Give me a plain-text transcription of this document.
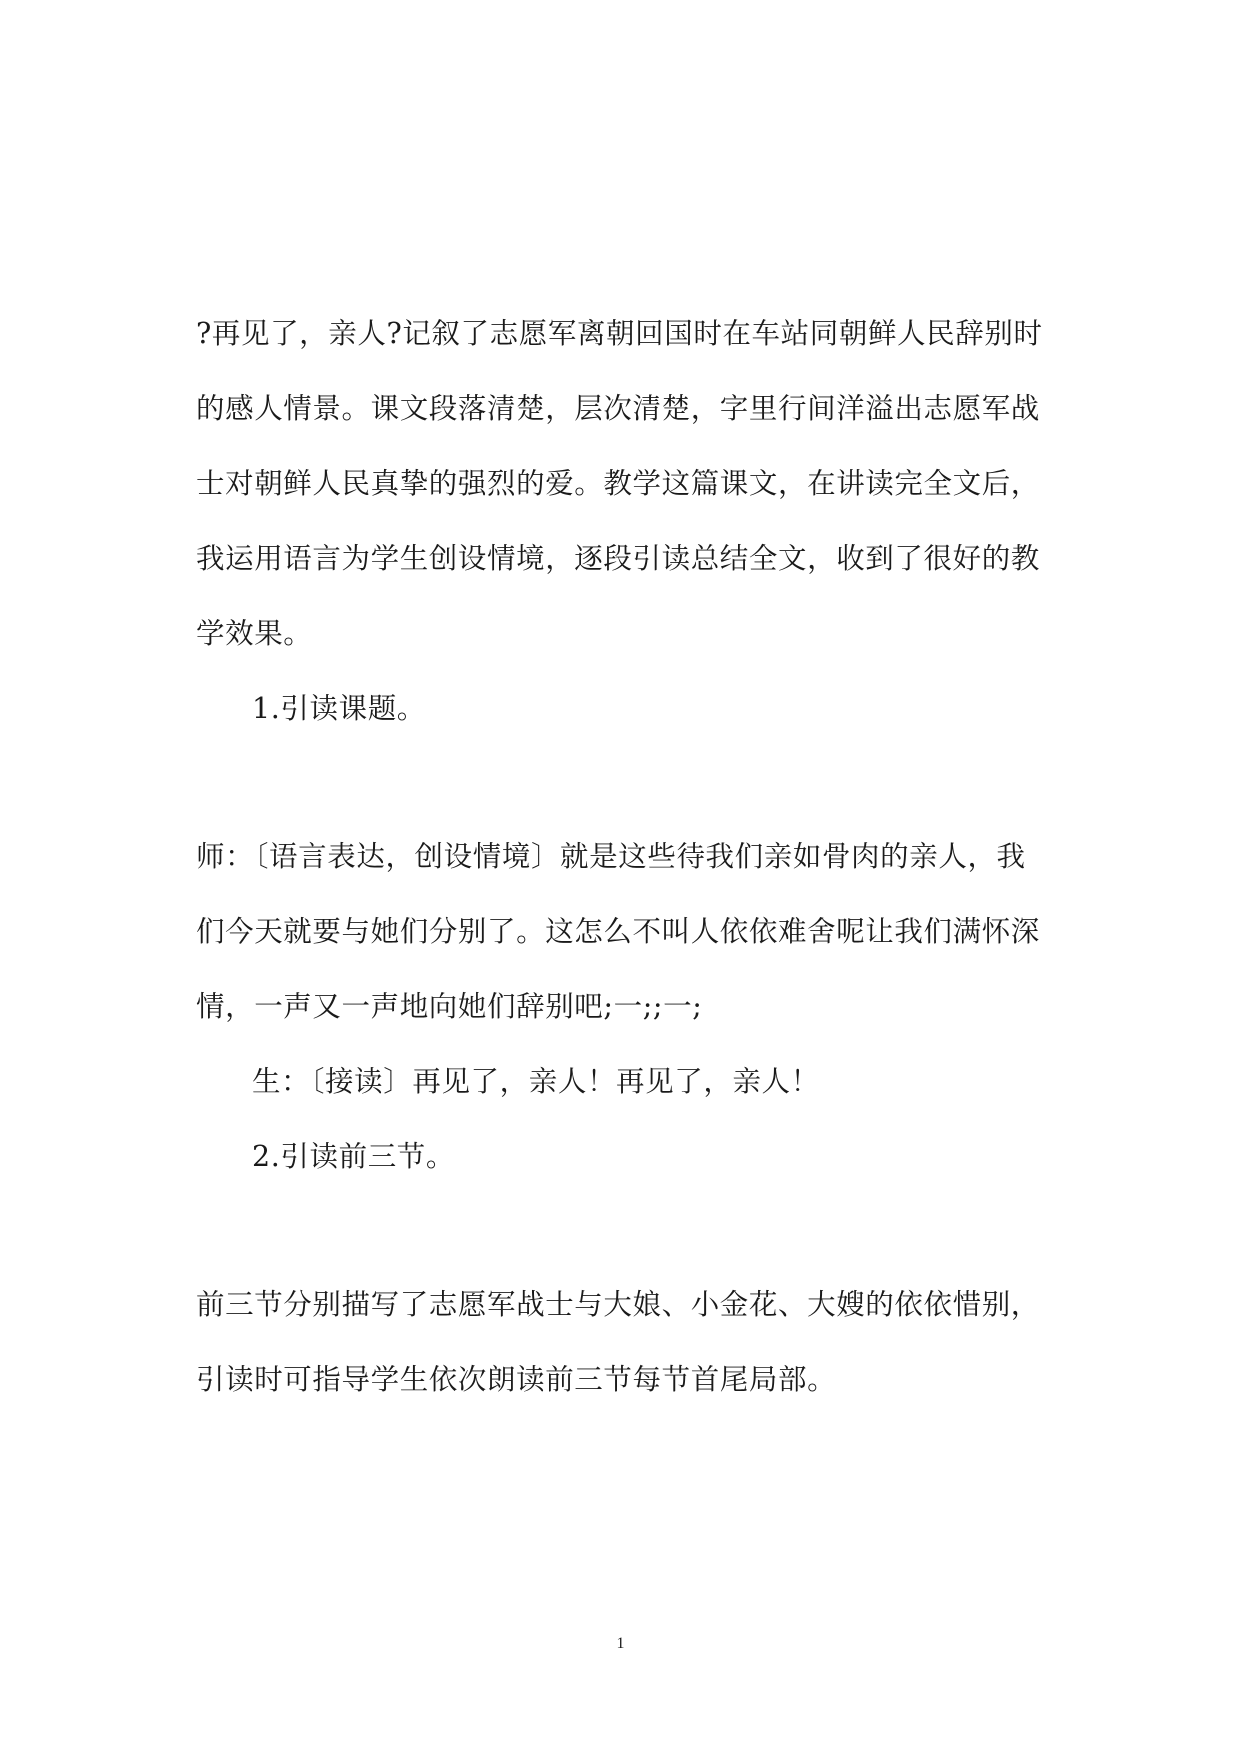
?再见了，亲人?记叙了志愿军离朝回国时在车站同朝鲜人民辞别时
的感人情景。课文段落清楚，层次清楚，字里行间洋溢出志愿军战
士对朝鲜人民真挚的强烈的爱。教学这篇课文，在讲读完全文后，
我运用语言为学生创设情境，逐段引读总结全文，收到了很好的教
学效果。
1.引读课题。
师：〔语言表达，创设情境〕就是这些待我们亲如骨肉的亲人，我
们今天就要与她们分别了。这怎么不叫人依依难舍呢让我们满怀深
情，一声又一声地向她们辞别吧;一;;一;
生：〔接读〕再见了，亲人！再见了，亲人！
2.引读前三节。
前三节分别描写了志愿军战士与大娘、小金花、大嫂的依依惜别，
引读时可指导学生依次朗读前三节每节首尾局部。
1
